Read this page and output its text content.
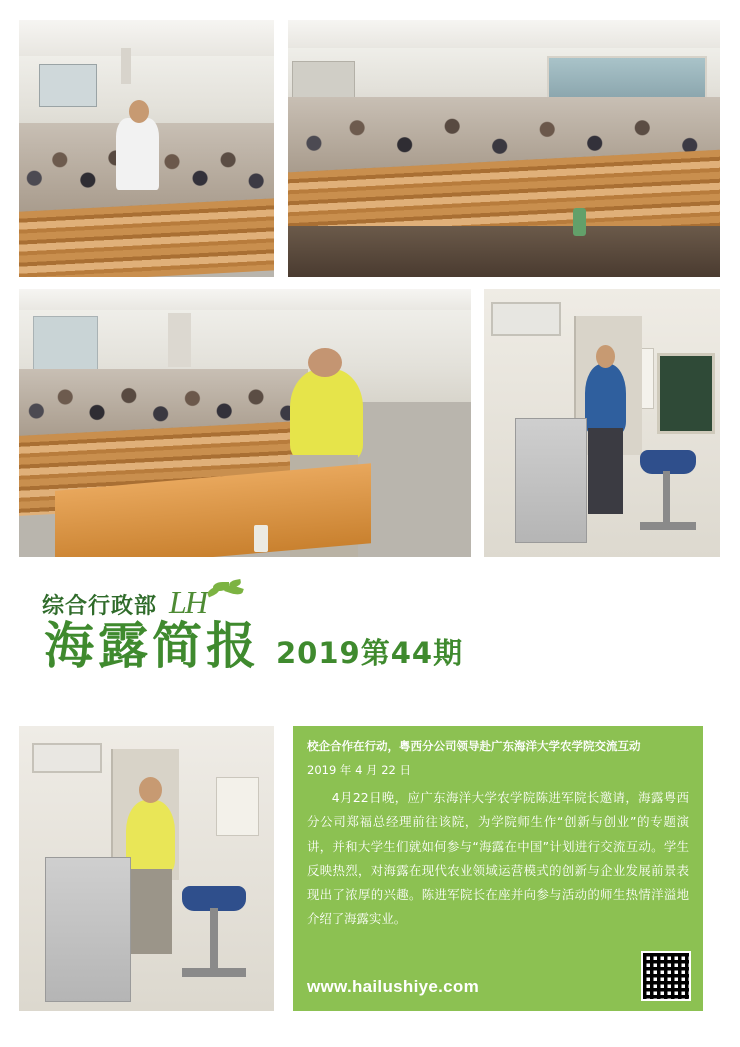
综合行政部 LH
海露简报 2019第44期
校企合作在行动，粤西分公司领导赴广东海洋大学农学院交流互动
2019 年 4 月 22 日
4月22日晚，应广东海洋大学农学院陈进军院长邀请，海露粤西分公司郑福总经理前往该院，为学院师生作“创新与创业”的专题演讲，并和大学生们就如何参与“海露在中国”计划进行交流互动。学生反映热烈，对海露在现代农业领域运营模式的创新与企业发展前景表现出了浓厚的兴趣。陈进军院长在座并向参与活动的师生热情洋溢地介绍了海露实业。
www.hailushiye.com
